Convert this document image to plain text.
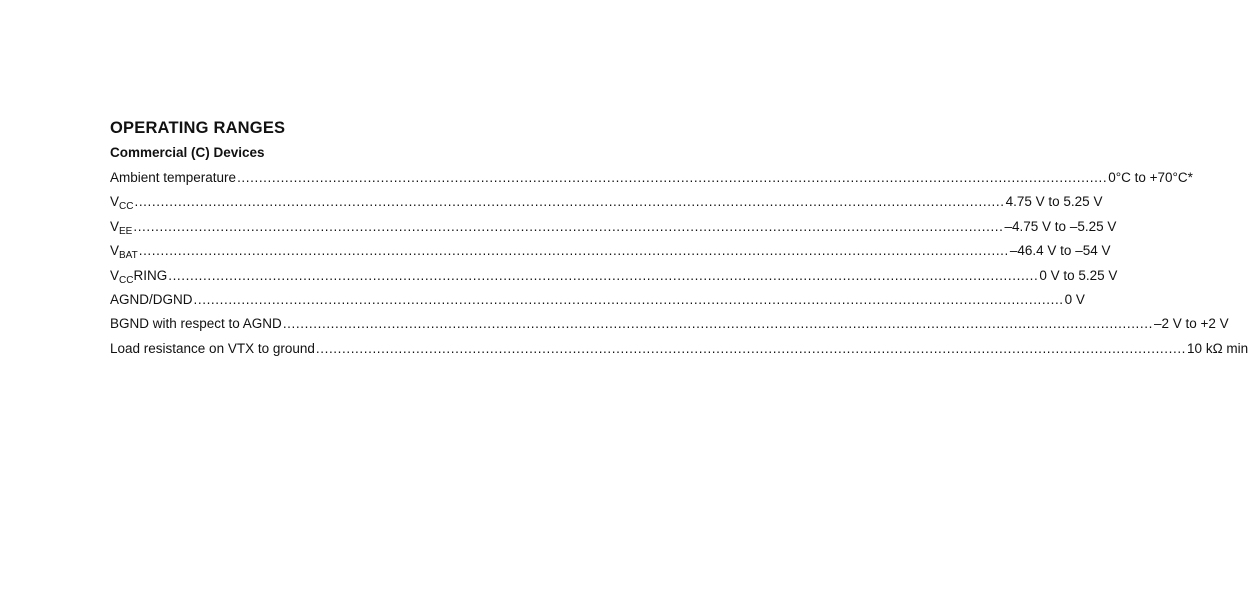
OPERATING RANGES
Commercial (C) Devices
Ambient temperature ........................................................................................................................................................................................................ 0°C to +70°C*
$V_{CC}$ ........................................................................................................................................................................................................ 4.75 V to 5.25 V
$V_{EE}$ ........................................................................................................................................................................................................ –4.75 V to –5.25 V
$V_{BAT}$ ........................................................................................................................................................................................................ –46.4 V to –54 V
$V_{CC}RING$ ........................................................................................................................................................................................................ 0 V to 5.25 V
AGND/DGND ........................................................................................................................................................................................................ 0 V
BGND with respect to AGND ........................................................................................................................................................................................................ –2 V to +2 V
Load resistance on VTX to ground ........................................................................................................................................................................................................ 10 kΩ min
